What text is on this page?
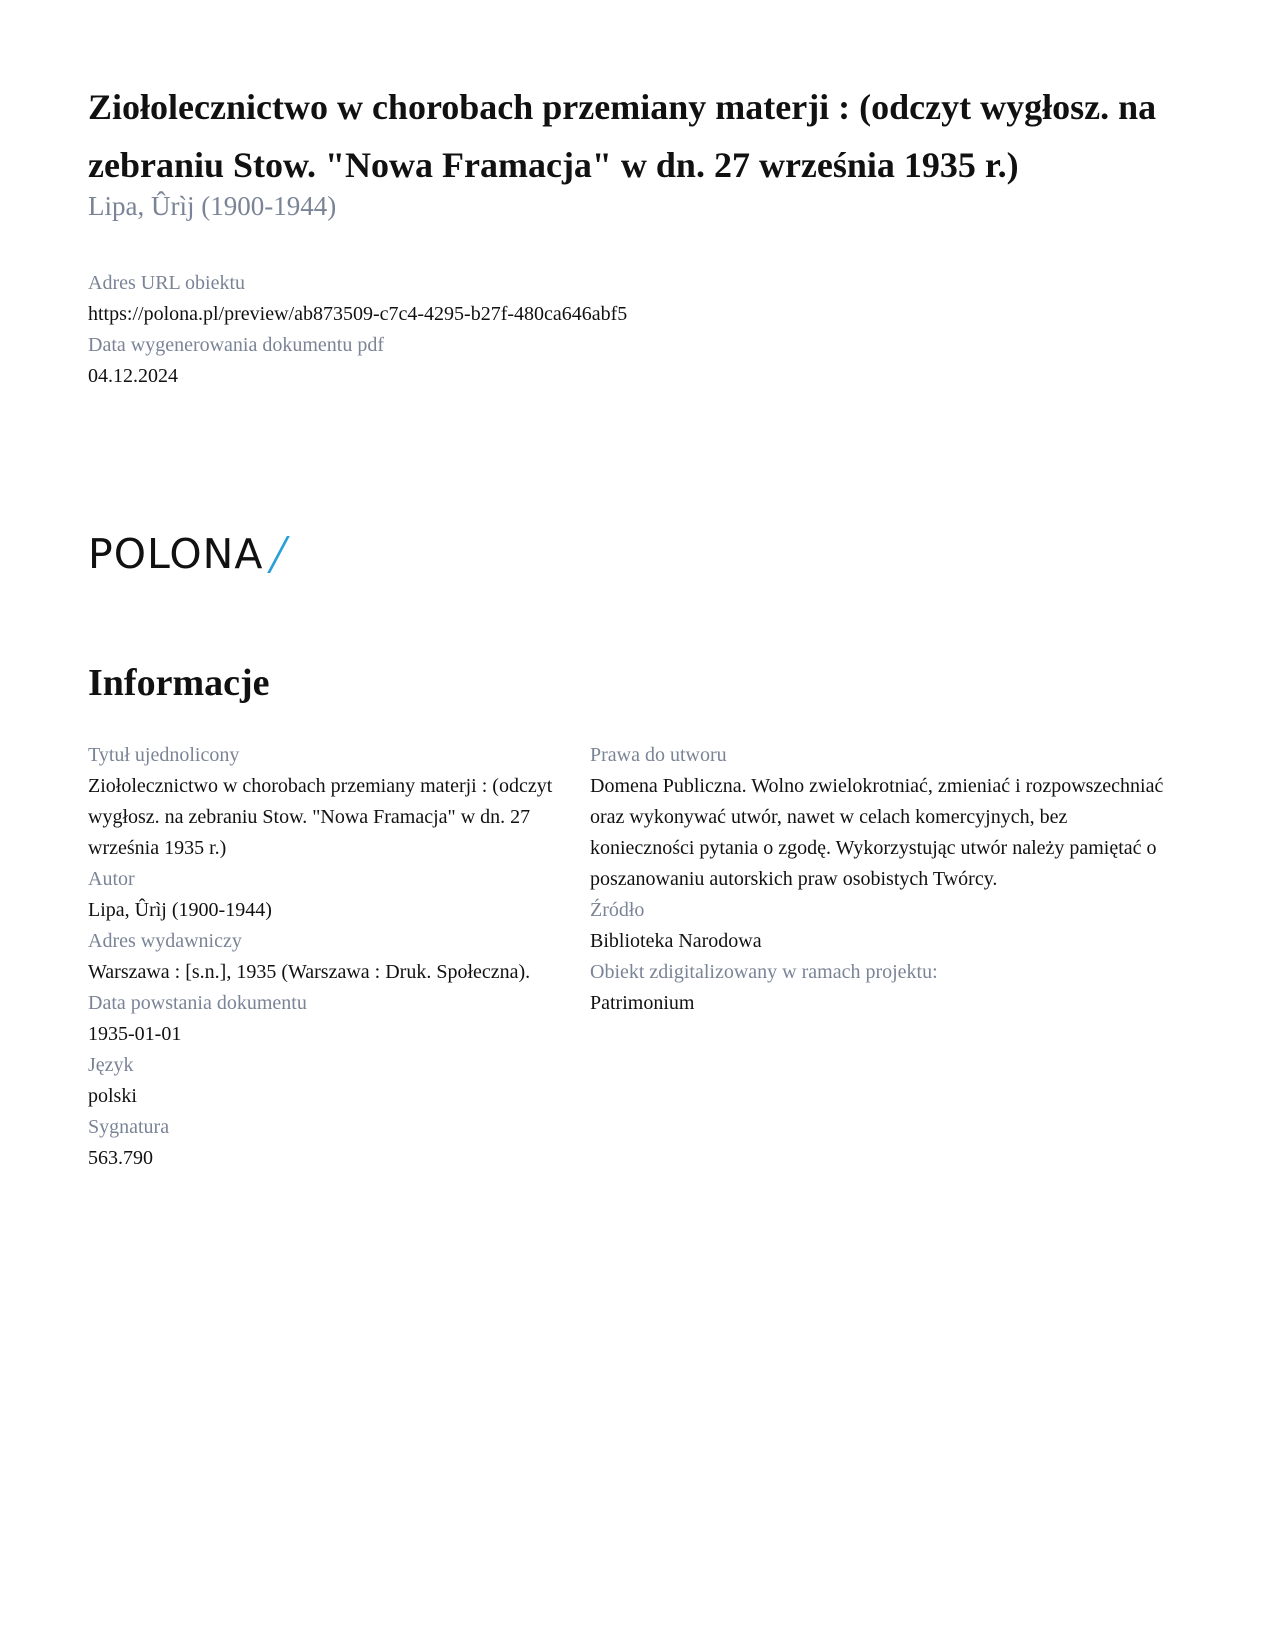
Ziołolecznictwo w chorobach przemiany materji : (odczyt wygłosz. na zebraniu Stow. "Nowa Framacja" w dn. 27 września 1935 r.)
Lipa, Ûrìj (1900-1944)
Adres URL obiektu
https://polona.pl/preview/ab873509-c7c4-4295-b27f-480ca646abf5
Data wygenerowania dokumentu pdf
04.12.2024
POLONA
Informacje
Tytuł ujednolicony
Ziołolecznictwo w chorobach przemiany materji : (odczyt wygłosz. na zebraniu Stow. "Nowa Framacja" w dn. 27 września 1935 r.)
Autor
Lipa, Ûrìj (1900-1944)
Adres wydawniczy
Warszawa : [s.n.], 1935 (Warszawa : Druk. Społeczna).
Data powstania dokumentu
1935-01-01
Język
polski
Sygnatura
563.790
Prawa do utworu
Domena Publiczna. Wolno zwielokrotniać, zmieniać i rozpowszechniać oraz wykonywać utwór, nawet w celach komercyjnych, bez konieczności pytania o zgodę. Wykorzystując utwór należy pamiętać o poszanowaniu autorskich praw osobistych Twórcy.
Źródło
Biblioteka Narodowa
Obiekt zdigitalizowany w ramach projektu:
Patrimonium
